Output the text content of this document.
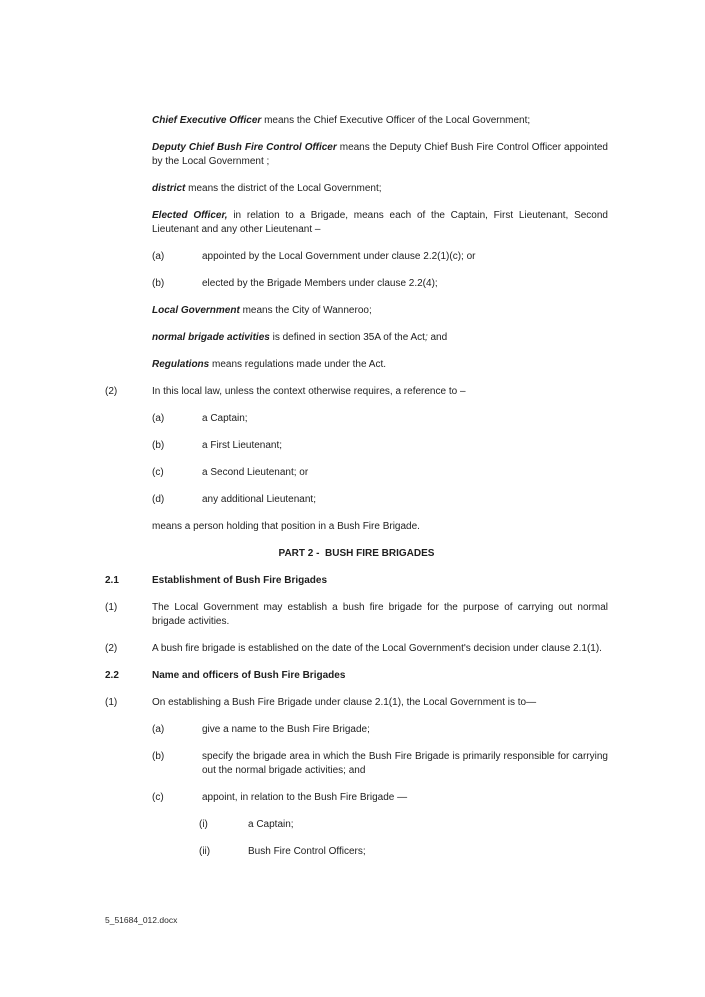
Chief Executive Officer means the Chief Executive Officer of the Local Government;
Deputy Chief Bush Fire Control Officer means the Deputy Chief Bush Fire Control Officer appointed by the Local Government ;
district means the district of the Local Government;
Elected Officer, in relation to a Brigade, means each of the Captain, First Lieutenant, Second Lieutenant and any other Lieutenant –
(a)	appointed by the Local Government under clause 2.2(1)(c); or
(b)	elected by the Brigade Members under clause 2.2(4);
Local Government means the City of Wanneroo;
normal brigade activities is defined in section 35A of the Act; and
Regulations means regulations made under the Act.
(2)	In this local law, unless the context otherwise requires, a reference to –
(a)	a Captain;
(b)	a First Lieutenant;
(c)	a Second Lieutenant; or
(d)	any additional Lieutenant;
means a person holding that position in a Bush Fire Brigade.
PART 2 -  BUSH FIRE BRIGADES
2.1	Establishment of Bush Fire Brigades
(1)	The Local Government may establish a bush fire brigade for the purpose of carrying out normal brigade activities.
(2)	A bush fire brigade is established on the date of the Local Government's decision under clause 2.1(1).
2.2	Name and officers of Bush Fire Brigades
(1)	On establishing a Bush Fire Brigade under clause 2.1(1), the Local Government is to—
(a)	give a name to the Bush Fire Brigade;
(b)	specify the brigade area in which the Bush Fire Brigade is primarily responsible for carrying out the normal brigade activities; and
(c)	appoint, in relation to the Bush Fire Brigade —
(i)	a Captain;
(ii)	Bush Fire Control Officers;
5_51684_012.docx
